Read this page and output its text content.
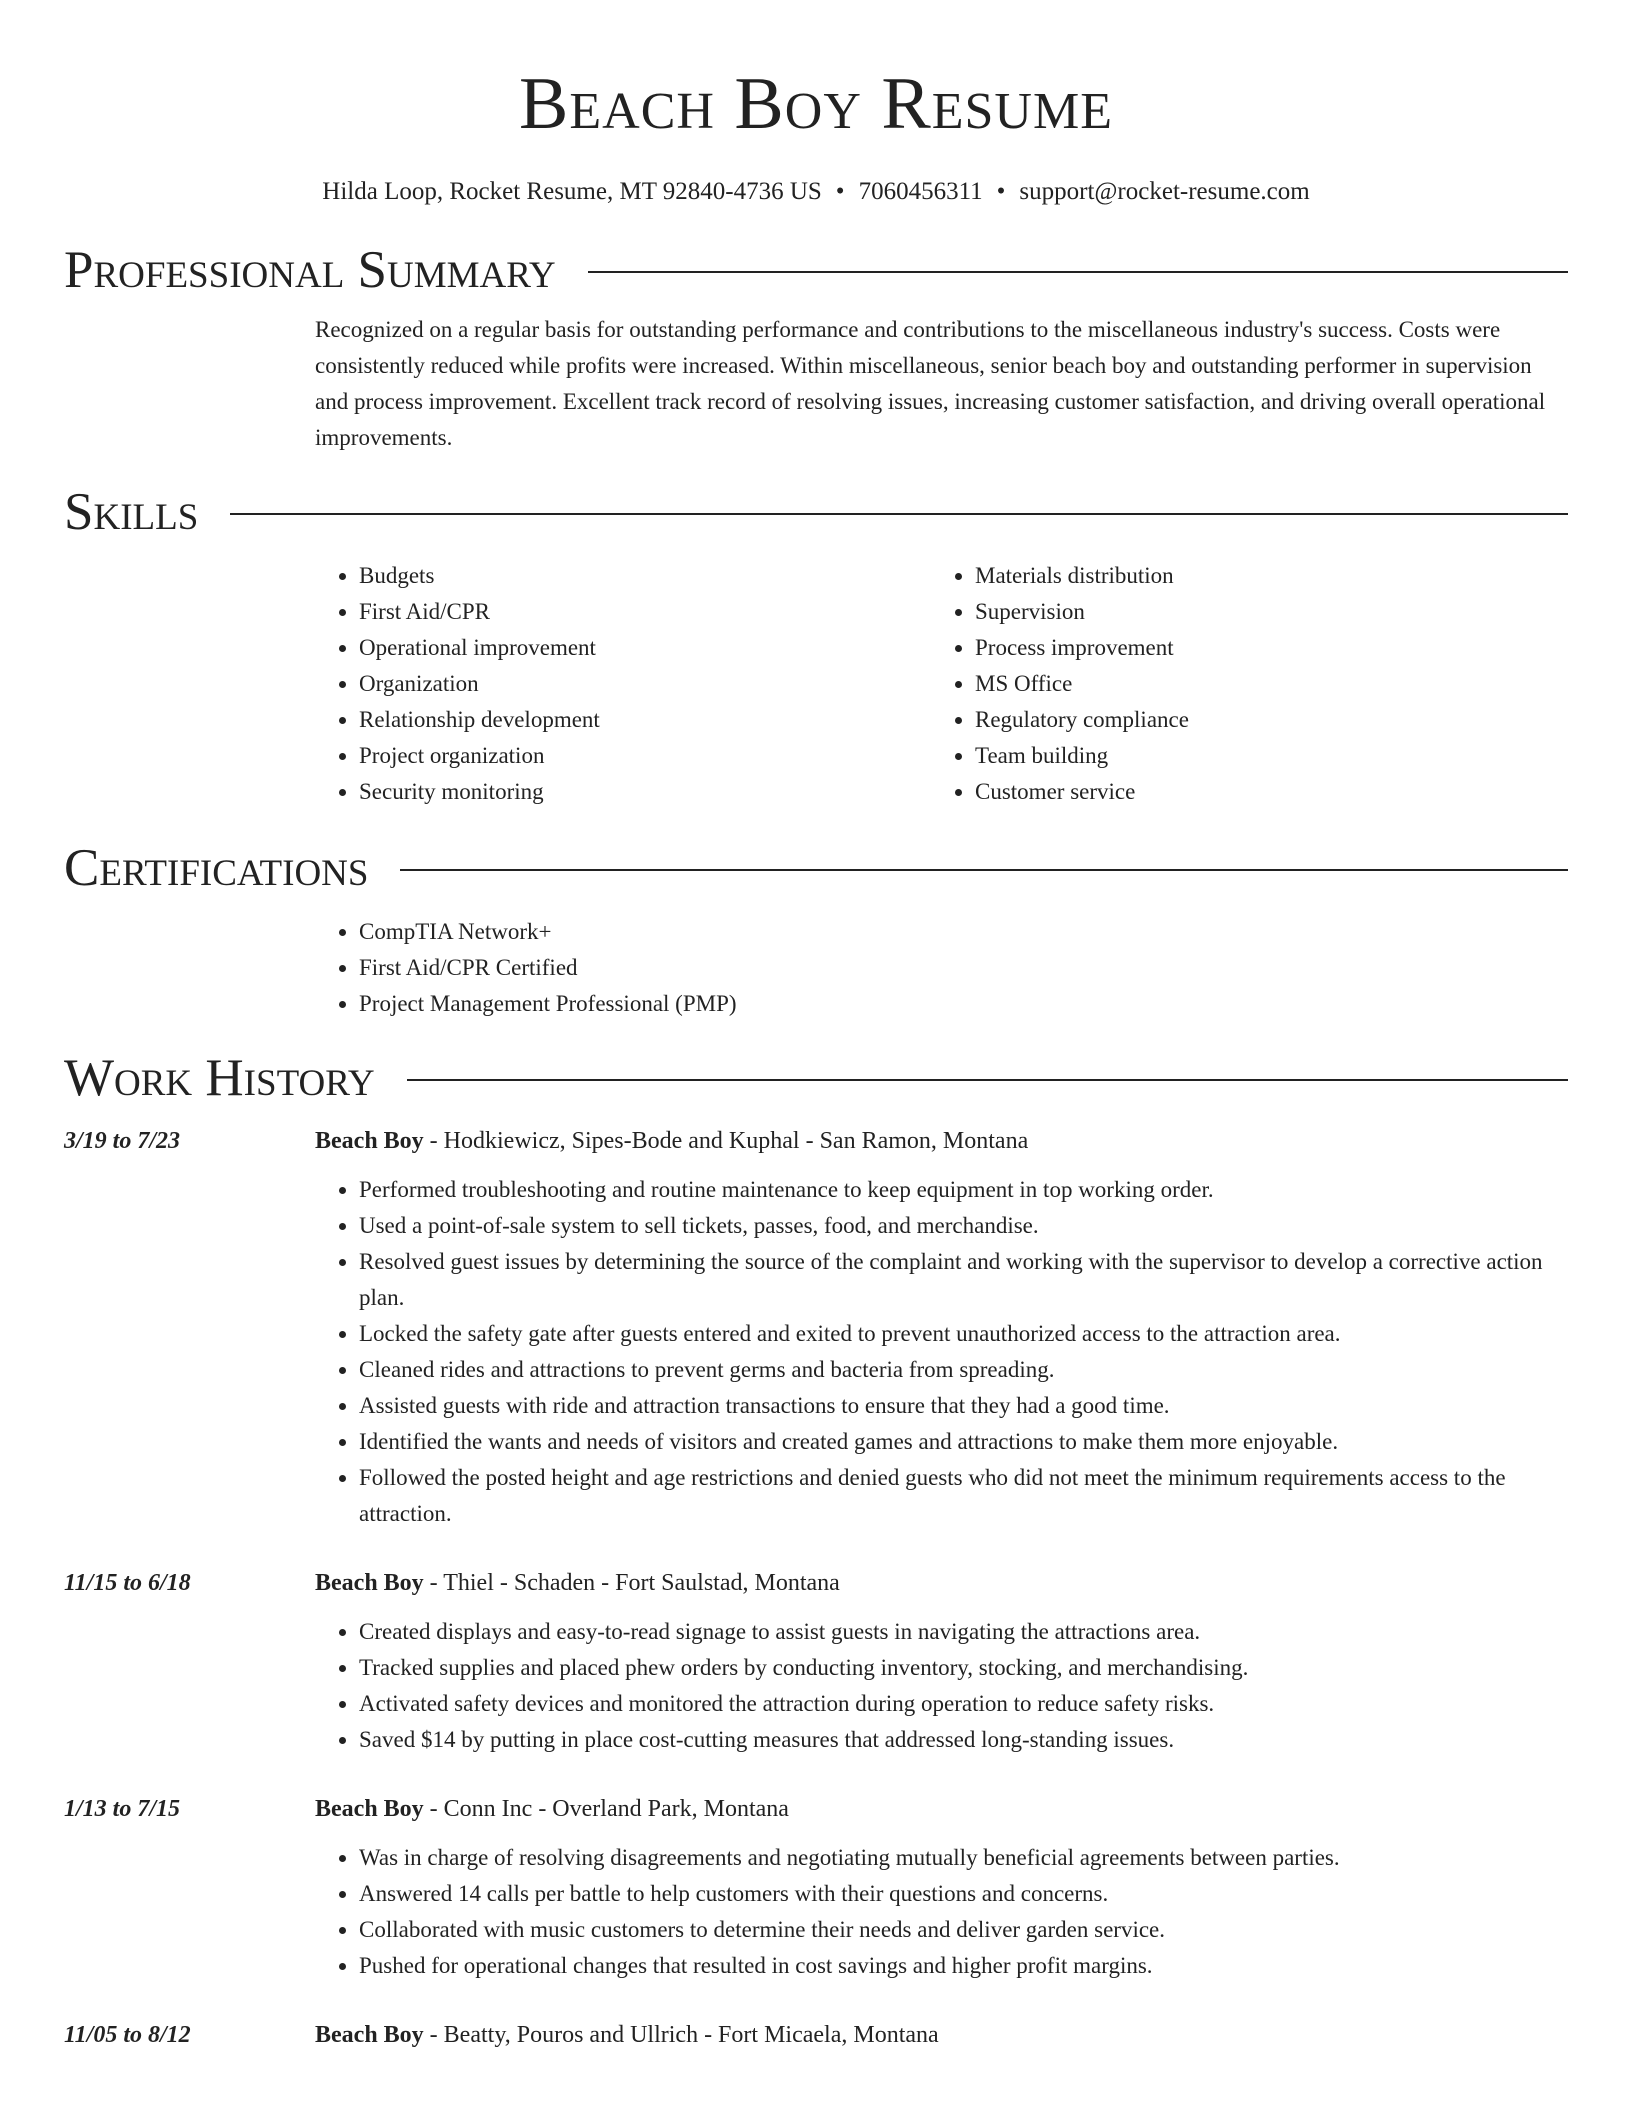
Beach Boy Resume
Hilda Loop, Rocket Resume, MT 92840-4736 US • 7060456311 • support@rocket-resume.com
Professional Summary
Recognized on a regular basis for outstanding performance and contributions to the miscellaneous industry's success. Costs were consistently reduced while profits were increased. Within miscellaneous, senior beach boy and outstanding performer in supervision and process improvement. Excellent track record of resolving issues, increasing customer satisfaction, and driving overall operational improvements.
Skills
• Budgets
• First Aid/CPR
• Operational improvement
• Organization
• Relationship development
• Project organization
• Security monitoring
• Materials distribution
• Supervision
• Process improvement
• MS Office
• Regulatory compliance
• Team building
• Customer service
Certifications
• CompTIA Network+
• First Aid/CPR Certified
• Project Management Professional (PMP)
Work History
3/19 to 7/23	Beach Boy - Hodkiewicz, Sipes-Bode and Kuphal - San Ramon, Montana
• Performed troubleshooting and routine maintenance to keep equipment in top working order.
• Used a point-of-sale system to sell tickets, passes, food, and merchandise.
• Resolved guest issues by determining the source of the complaint and working with the supervisor to develop a corrective action plan.
• Locked the safety gate after guests entered and exited to prevent unauthorized access to the attraction area.
• Cleaned rides and attractions to prevent germs and bacteria from spreading.
• Assisted guests with ride and attraction transactions to ensure that they had a good time.
• Identified the wants and needs of visitors and created games and attractions to make them more enjoyable.
• Followed the posted height and age restrictions and denied guests who did not meet the minimum requirements access to the attraction.
11/15 to 6/18	Beach Boy - Thiel - Schaden - Fort Saulstad, Montana
• Created displays and easy-to-read signage to assist guests in navigating the attractions area.
• Tracked supplies and placed phew orders by conducting inventory, stocking, and merchandising.
• Activated safety devices and monitored the attraction during operation to reduce safety risks.
• Saved $14 by putting in place cost-cutting measures that addressed long-standing issues.
1/13 to 7/15	Beach Boy - Conn Inc - Overland Park, Montana
• Was in charge of resolving disagreements and negotiating mutually beneficial agreements between parties.
• Answered 14 calls per battle to help customers with their questions and concerns.
• Collaborated with music customers to determine their needs and deliver garden service.
• Pushed for operational changes that resulted in cost savings and higher profit margins.
11/05 to 8/12	Beach Boy - Beatty, Pouros and Ullrich - Fort Micaela, Montana
